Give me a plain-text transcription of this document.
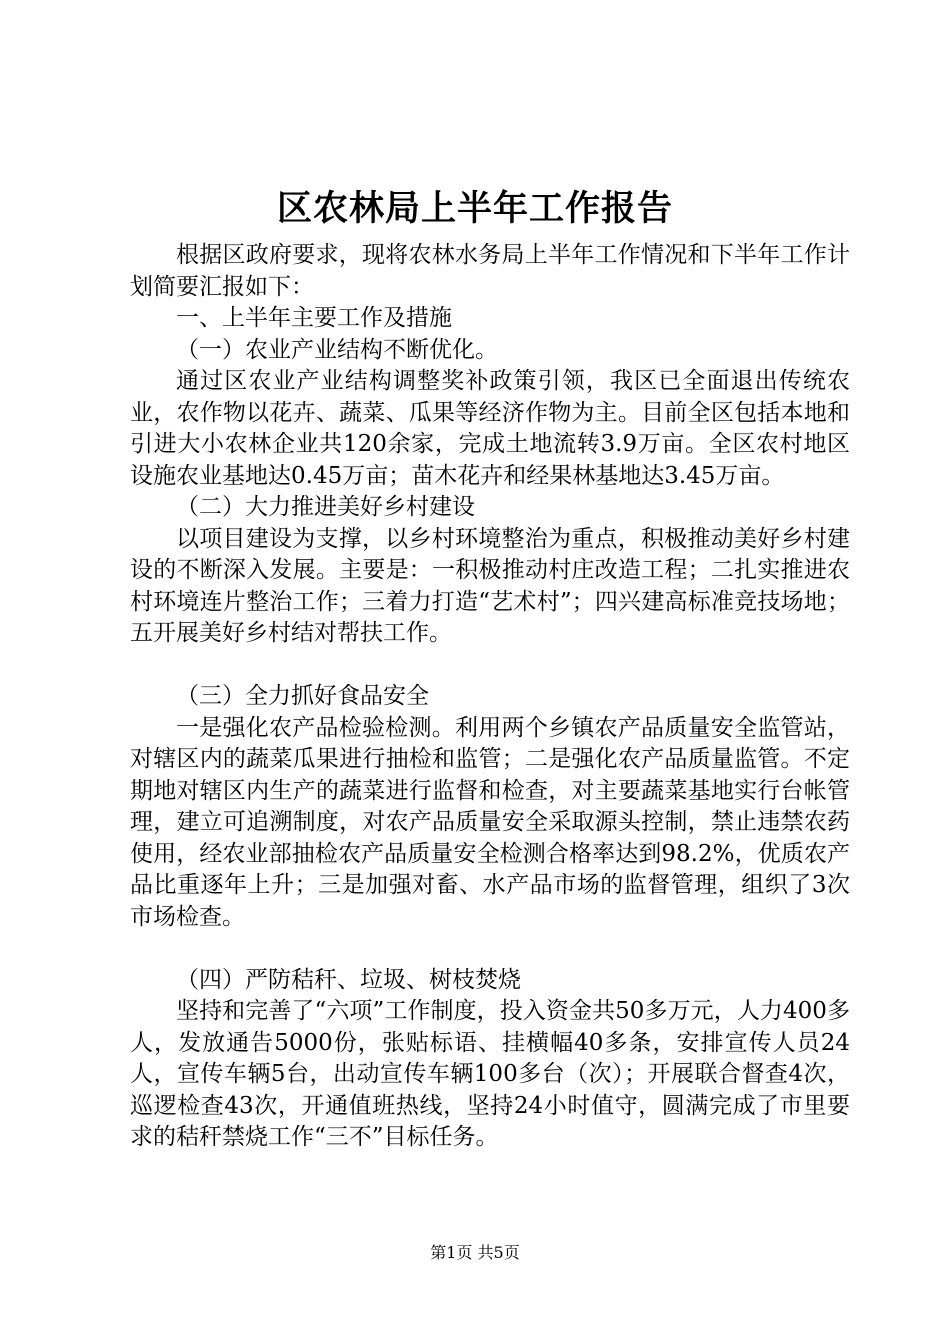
区农林局上半年工作报告

根据区政府要求，现将农林水务局上半年工作情况和下半年工作计划简要汇报如下：

一、上半年主要工作及措施

（一）农业产业结构不断优化。

通过区农业产业结构调整奖补政策引领，我区已全面退出传统农业，农作物以花卉、蔬菜、瓜果等经济作物为主。目前全区包括本地和引进大小农林企业共120余家，完成土地流转3.9万亩。全区农村地区设施农业基地达0.45万亩；苗木花卉和经果林基地达3.45万亩。

（二）大力推进美好乡村建设

以项目建设为支撑，以乡村环境整治为重点，积极推动美好乡村建设的不断深入发展。主要是：一积极推动村庄改造工程；二扎实推进农村环境连片整治工作；三着力打造“艺术村”；四兴建高标准竞技场地；五开展美好乡村结对帮扶工作。

（三）全力抓好食品安全

一是强化农产品检验检测。利用两个乡镇农产品质量安全监管站，对辖区内的蔬菜瓜果进行抽检和监管；二是强化农产品质量监管。不定期地对辖区内生产的蔬菜进行监督和检查，对主要蔬菜基地实行台帐管理，建立可追溯制度，对农产品质量安全采取源头控制，禁止违禁农药使用，经农业部抽检农产品质量安全检测合格率达到98.2%，优质农产品比重逐年上升；三是加强对畜、水产品市场的监督管理，组织了3次市场检查。

（四）严防秸秆、垃圾、树枝焚烧

坚持和完善了“六项”工作制度，投入资金共50多万元，人力400多人，发放通告5000份，张贴标语、挂横幅40多条，安排宣传人员24人，宣传车辆5台，出动宣传车辆100多台（次）；开展联合督查4次，巡逻检查43次，开通值班热线，坚持24小时值守，圆满完成了市里要求的秸秆禁烧工作“三不”目标任务。

第1页 共5页
